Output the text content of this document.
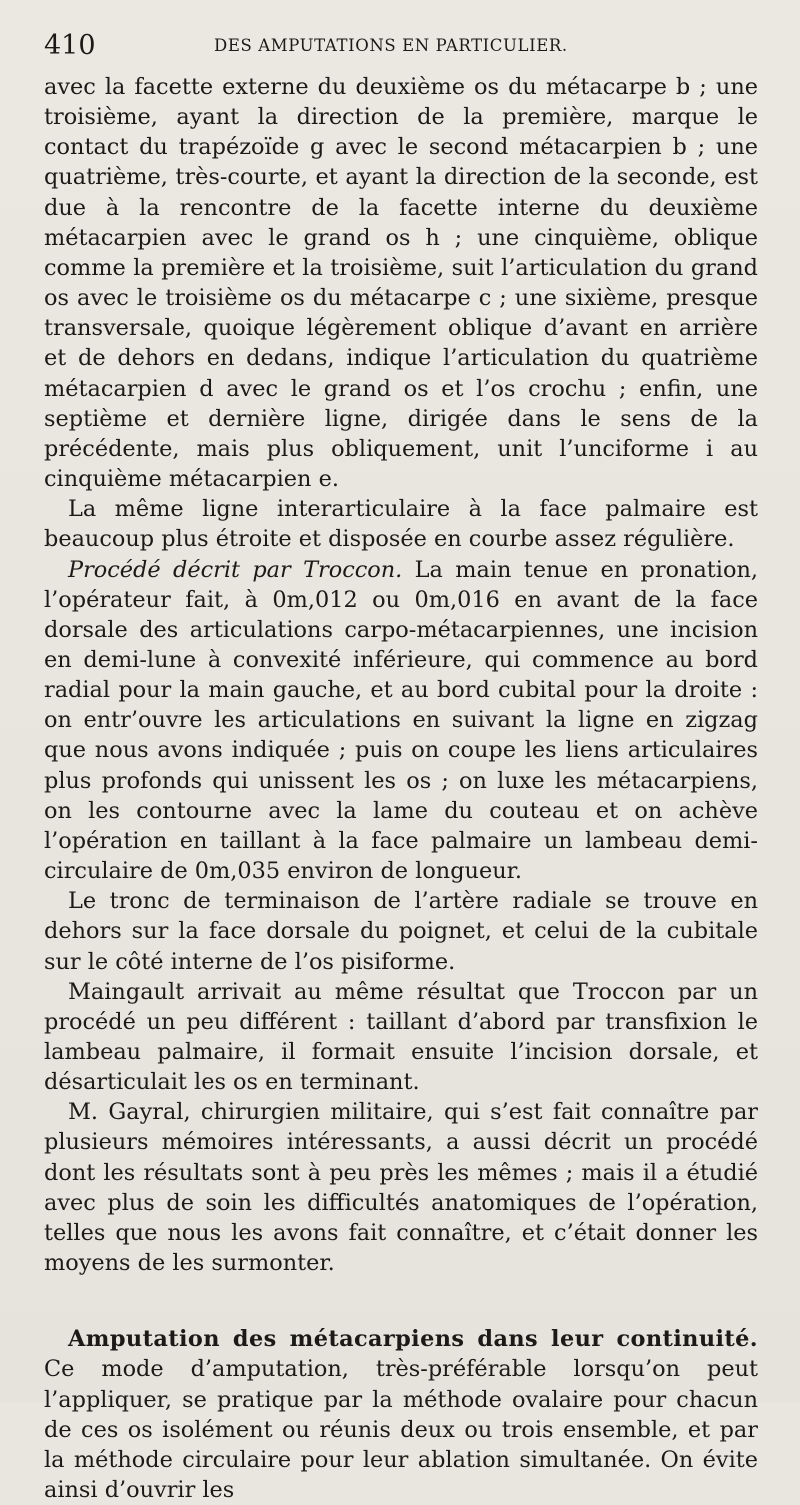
410	DES AMPUTATIONS EN PARTICULIER.

avec la facette externe du deuxième os du métacarpe b ; une troisième, ayant la direction de la première, marque le contact du trapézoïde g avec le second métacarpien b ; une quatrième, très-courte, et ayant la direction de la seconde, est due à la rencontre de la facette interne du deuxième métacarpien avec le grand os h ; une cinquième, oblique comme la première et la troisième, suit l’articulation du grand os avec le troisième os du métacarpe c ; une sixième, presque transversale, quoique légèrement oblique d’avant en arrière et de dehors en dedans, indique l’articulation du quatrième métacarpien d avec le grand os et l’os crochu ; enfin, une septième et dernière ligne, dirigée dans le sens de la précédente, mais plus obliquement, unit l’unciforme i au cinquième métacarpien e.

La même ligne interarticulaire à la face palmaire est beaucoup plus étroite et disposée en courbe assez régulière.

Procédé décrit par Troccon. La main tenue en pronation, l’opérateur fait, à 0m,012 ou 0m,016 en avant de la face dorsale des articulations carpo-métacarpiennes, une incision en demi-lune à convexité inférieure, qui commence au bord radial pour la main gauche, et au bord cubital pour la droite : on entr’ouvre les articulations en suivant la ligne en zigzag que nous avons indiquée ; puis on coupe les liens articulaires plus profonds qui unissent les os ; on luxe les métacarpiens, on les contourne avec la lame du couteau et on achève l’opération en taillant à la face palmaire un lambeau demi-circulaire de 0m,035 environ de longueur.

Le tronc de terminaison de l’artère radiale se trouve en dehors sur la face dorsale du poignet, et celui de la cubitale sur le côté interne de l’os pisiforme.

Maingault arrivait au même résultat que Troccon par un procédé un peu différent : taillant d’abord par transfixion le lambeau palmaire, il formait ensuite l’incision dorsale, et désarticulait les os en terminant.

M. Gayral, chirurgien militaire, qui s’est fait connaître par plusieurs mémoires intéressants, a aussi décrit un procédé dont les résultats sont à peu près les mêmes ; mais il a étudié avec plus de soin les difficultés anatomiques de l’opération, telles que nous les avons fait connaître, et c’était donner les moyens de les surmonter.

Amputation des métacarpiens dans leur continuité. Ce mode d’amputation, très-préférable lorsqu’on peut l’appliquer, se pratique par la méthode ovalaire pour chacun de ces os isolément ou réunis deux ou trois ensemble, et par la méthode circulaire pour leur ablation simultanée. On évite ainsi d’ouvrir les
